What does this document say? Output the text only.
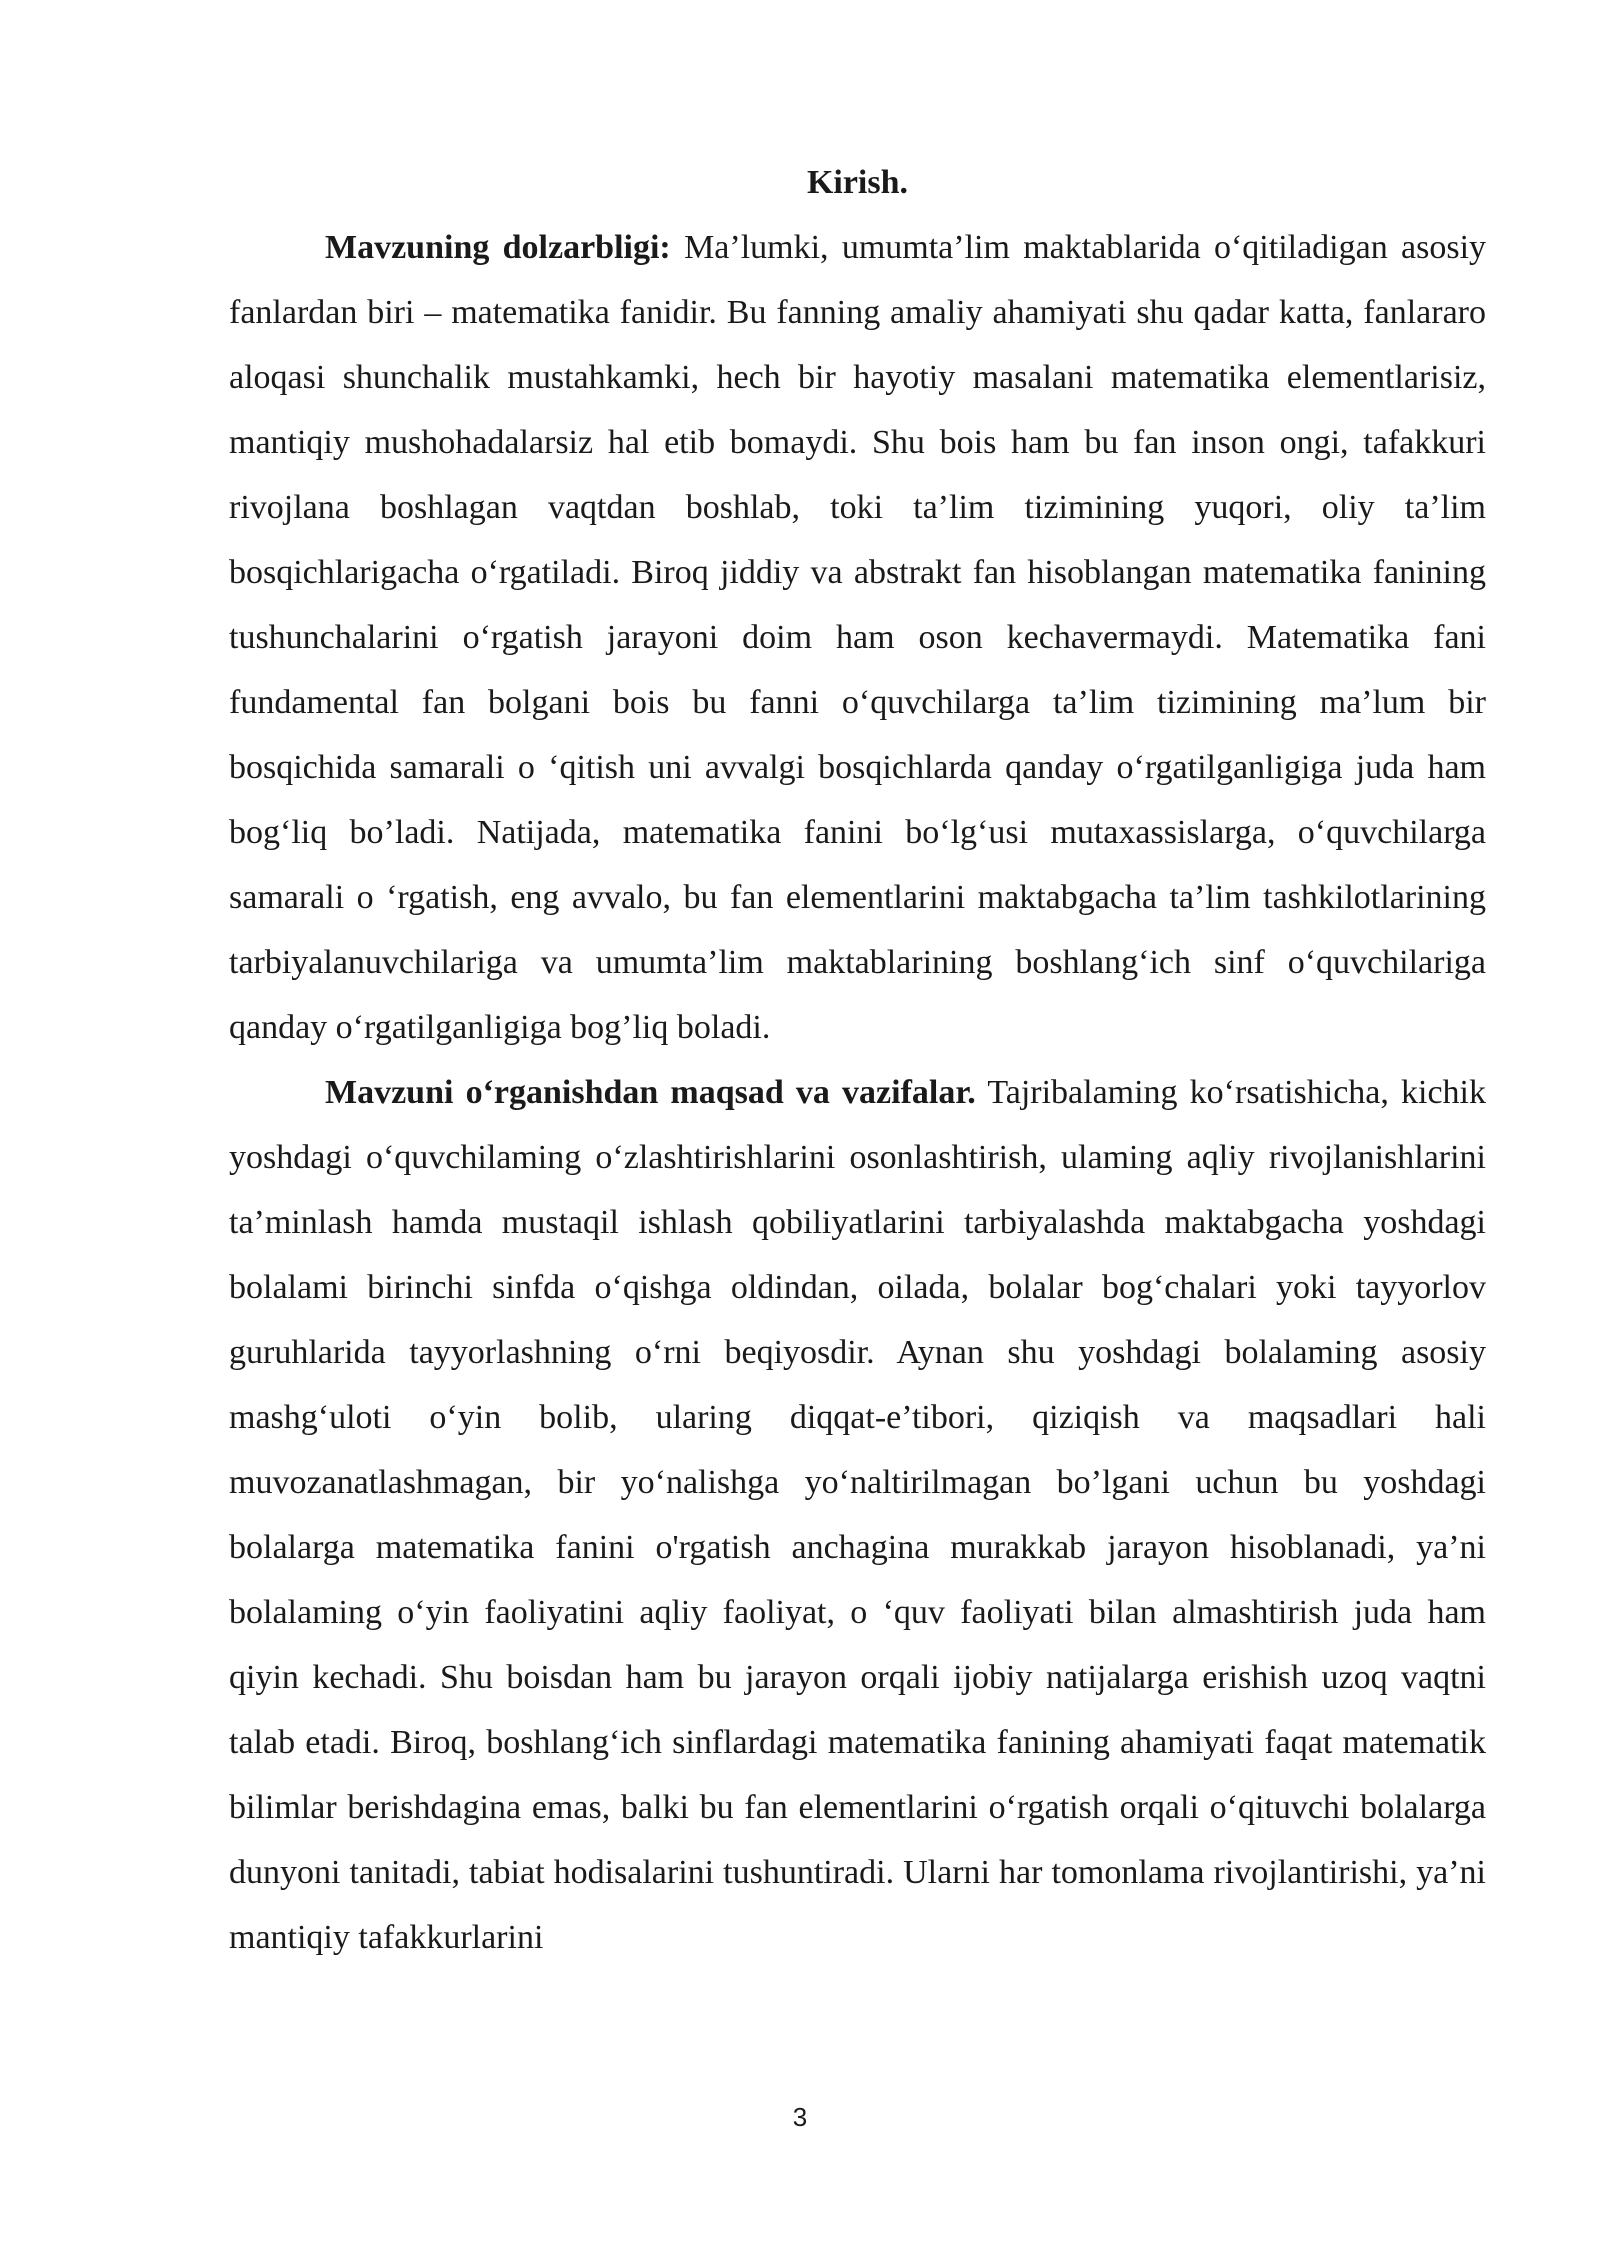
Kirish.

Mavzuning dolzarbligi: Ma’lumki, umumta’lim maktablarida o‘qitiladigan asosiy fanlardan biri – matematika fanidir. Bu fanning amaliy ahamiyati shu qadar katta, fanlararo aloqasi shunchalik mustahkamki, hech bir hayotiy masalani matematika elementlarisiz, mantiqiy mushohadalarsiz hal etib bomaydi. Shu bois ham bu fan inson ongi, tafakkuri rivojlana boshlagan vaqtdan boshlab, toki ta’lim tizimining yuqori, oliy ta’lim bosqichlarigacha o‘rgatiladi. Biroq jiddiy va abstrakt fan hisoblangan matematika fanining tushunchalarini o‘rgatish jarayoni doim ham oson kechavermaydi. Matematika fani fundamental fan bolgani bois bu fanni o‘quvchilarga ta’lim tizimining ma’lum bir bosqichida samarali o ‘qitish uni avvalgi bosqichlarda qanday o‘rgatilganligiga juda ham bog‘liq bo’ladi. Natijada, matematika fanini bo‘lg‘usi mutaxassislarga, o‘quvchilarga samarali o ‘rgatish, eng avvalo, bu fan elementlarini maktabgacha ta’lim tashkilotlarining tarbiyalanuvchilariga va umumta’lim maktablarining boshlang‘ich sinf o‘quvchilariga qanday o‘rgatilganligiga bog’liq boladi.

Mavzuni o‘rganishdan maqsad va vazifalar. Tajribalaming ko‘rsatishicha, kichik yoshdagi o‘quvchilaming o‘zlashtirishlarini osonlashtirish, ulaming aqliy rivojlanishlarini ta’minlash hamda mustaqil ishlash qobiliyatlarini tarbiyalashda maktabgacha yoshdagi bolalami birinchi sinfda o‘qishga oldindan, oilada, bolalar bog‘chalari yoki tayyorlov guruhlarida tayyorlashning o‘rni beqiyosdir. Aynan shu yoshdagi bolalaming asosiy mashg‘uloti o‘yin bolib, ularing diqqat-e’tibori, qiziqish va maqsadlari hali muvozanatlashmagan, bir yo‘nalishga yo‘naltirilmagan bo’lgani uchun bu yoshdagi bolalarga matematika fanini o'rgatish anchagina murakkab jarayon hisoblanadi, ya’ni bolalaming o‘yin faoliyatini aqliy faoliyat, o ‘quv faoliyati bilan almashtirish juda ham qiyin kechadi. Shu boisdan ham bu jarayon orqali ijobiy natijalarga erishish uzoq vaqtni talab etadi. Biroq, boshlang‘ich sinflardagi matematika fanining ahamiyati faqat matematik bilimlar berishdagina emas, balki bu fan elementlarini o‘rgatish orqali o‘qituvchi bolalarga dunyoni tanitadi, tabiat hodisalarini tushuntiradi. Ularni har tomonlama rivojlantirishi, ya’ni mantiqiy tafakkurlarini

3
